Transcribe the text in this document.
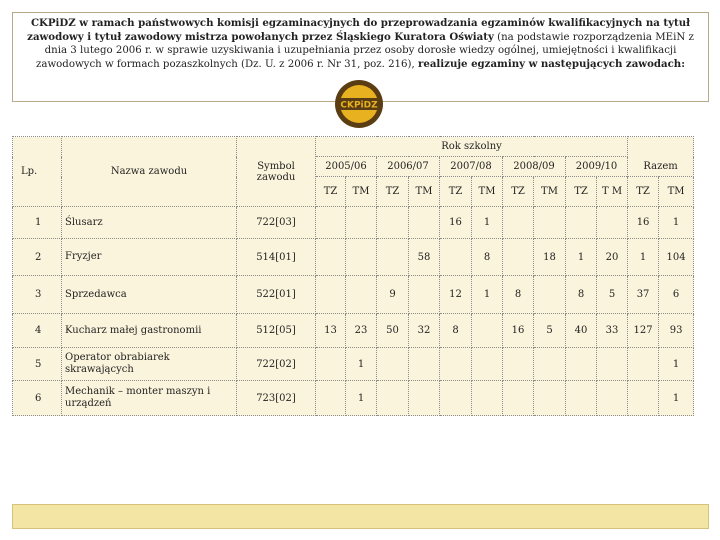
CKPiDZ w ramach państwowych komisji egzaminacyjnych do przeprowadzania egzaminów kwalifikacyjnych na tytuł zawodowy i tytuł zawodowy mistrza powołanych przez Śląskiego Kuratora Oświaty (na podstawie rozporządzenia MEiN z dnia 3 lutego 2006 r. w sprawie uzyskiwania i uzupełniania przez osoby dorosłe wiedzy ogólnej, umiejętności i kwalifikacji zawodowych w formach pozaszkolnych (Dz. U. z 2006 r. Nr 31, poz. 216), realizuje egzaminy w następujących zawodach:

CKPiDZ
Lp.	Nazwa zawodu	Symbol zawodu	Rok szkolny										Razem	
			2005/06		2006/07		2007/08		2008/09		2009/10			
			TZ	TM	TZ	TM	TZ	TM	TZ	TM	TZ	T M	TZ	TM
1	Ślusarz	722[03]					16	1					16	1
2	Fryzjer	514[01]				58		8		18	1	20	1	104
3	Sprzedawca	522[01]			9		12	1	8		8	5	37	6
4	Kucharz małej gastronomii	512[05]	13	23	50	32	8		16	5	40	33	127	93
5	Operator obrabiarek skrawających	722[02]		1										1
6	Mechanik – monter maszyn i urządzeń	723[02]		1										1
